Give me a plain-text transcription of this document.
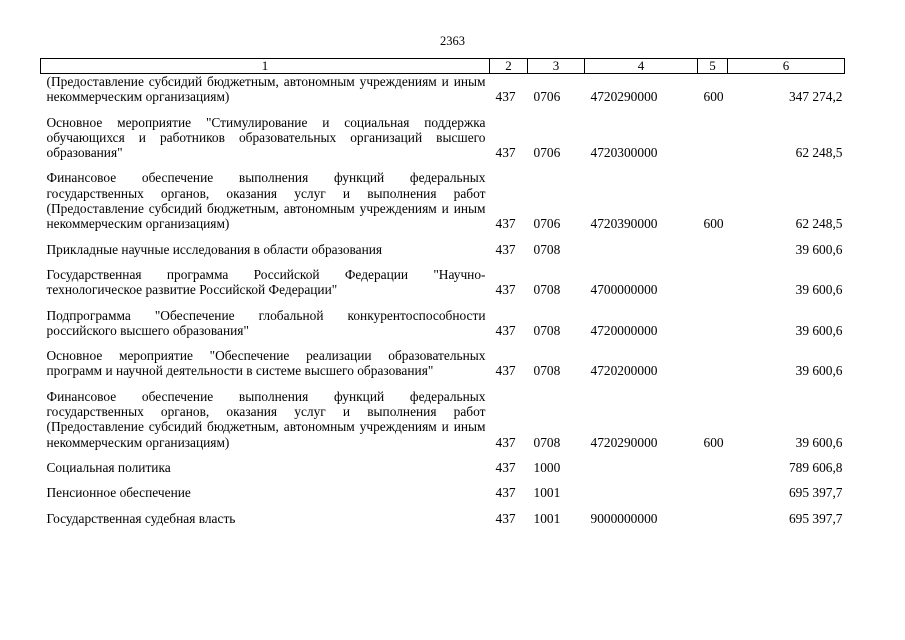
2363
1	2	3	4	5	6
(Предоставление субсидий бюджетным, автономным учреждениям и иным некоммерческим организациям)	437	0706	4720290000	600	347 274,2

Основное мероприятие "Стимулирование и социальная поддержка обучающихся и работников образовательных организаций высшего образования"	437	0706	4720300000		62 248,5

Финансовое обеспечение выполнения функций федеральных государственных органов, оказания услуг и выполнения работ (Предоставление субсидий бюджетным, автономным учреждениям и иным некоммерческим организациям)	437	0706	4720390000	600	62 248,5

Прикладные научные исследования в области образования	437	0708			39 600,6

Государственная программа Российской Федерации "Научно-технологическое развитие Российской Федерации"	437	0708	4700000000		39 600,6

Подпрограмма "Обеспечение глобальной конкурентоспособности российского высшего образования"	437	0708	4720000000		39 600,6

Основное мероприятие "Обеспечение реализации образовательных программ и научной деятельности в системе высшего образования"	437	0708	4720200000		39 600,6

Финансовое обеспечение выполнения функций федеральных государственных органов, оказания услуг и выполнения работ (Предоставление субсидий бюджетным, автономным учреждениям и иным некоммерческим организациям)	437	0708	4720290000	600	39 600,6

Социальная политика	437	1000			789 606,8

Пенсионное обеспечение	437	1001			695 397,7

Государственная судебная власть	437	1001	9000000000		695 397,7
